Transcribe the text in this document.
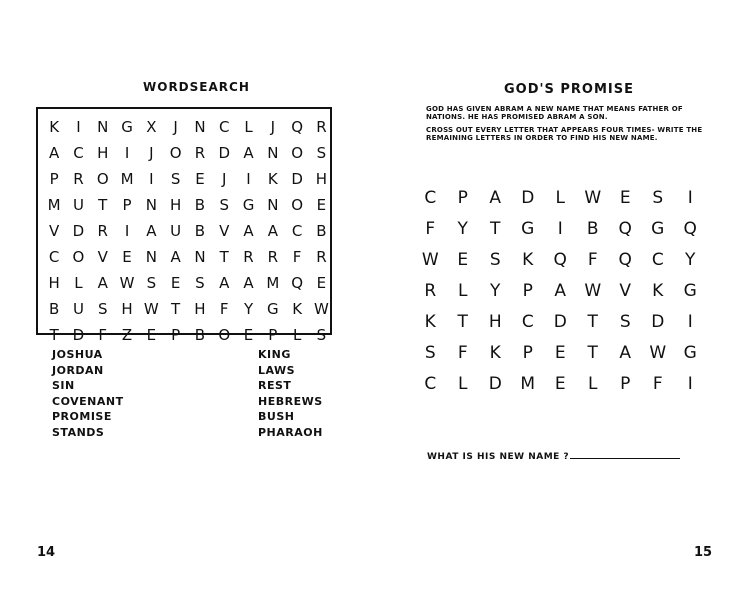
WORDSEARCH
K	I	N G X	J	N C L	J	Q R
A C H	I	J	O R D A N O S
P R O M	I	S E	J	I	K D H
M U T	P N H B S G N O E
V D R	I	A U B V A A C B
C O V E N A N T R R F R
H L A W S E S A A M Q E
B U S H W T H F	Y G K W
T D F Z E	P B O E	P	L	S
JOSHUA
JORDAN
SIN
COVENANT
PROMISE
STANDS
KING
LAWS
REST
HEBREWS
BUSH
PHARAOH
14
GOD'S PROMISE
GOD HAS GIVEN ABRAM A NEW NAME THAT MEANS FATHER OF NATIONS. HE HAS PROMISED ABRAM A SON.
CROSS OUT EVERY LETTER THAT APPEARS FOUR TIMES- WRITE THE REMAINING LETTERS IN ORDER TO FIND HIS NEW NAME.
C	P	A	D	L	W	E	S	I
F	Y	T	G	I	B	Q	G	Q
W	E	S	K	Q	F	Q	C	Y
R	L	Y	P	A	W	V	K	G
K	T	H	C	D	T	S	D	I
S	F	K	P	E	T	A	W	G
C	L	D	M	E	L	P	F	I
WHAT IS HIS NEW NAME ?
15
